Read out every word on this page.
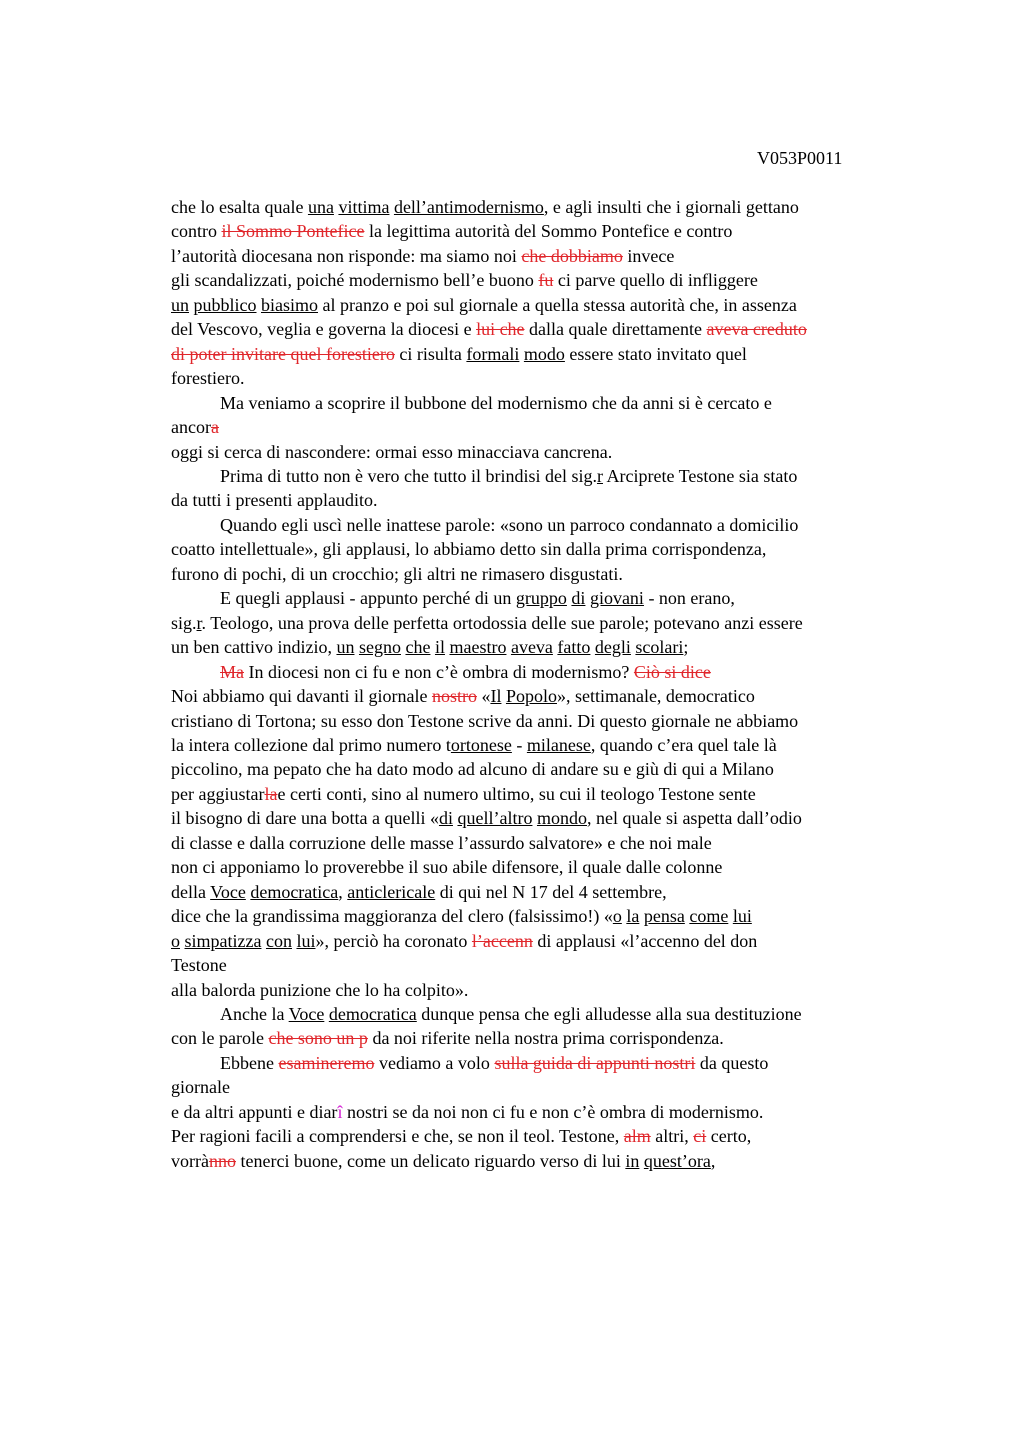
V053P0011
che lo esalta quale una vittima dell’antimodernismo, e agli insulti che i giornali gettano
contro il Sommo Pontefice la legittima autorità del Sommo Pontefice e contro
l’autorità diocesana non risponde: ma siamo noi che dobbiamo invece
gli scandalizzati, poiché modernismo bell’e buono fu ci parve quello di infliggere
un pubblico biasimo al pranzo e poi sul giornale a quella stessa autorità che, in assenza
del Vescovo, veglia e governa la diocesi e lui che dalla quale direttamente aveva creduto
di poter invitare quel forestiero ci risulta formali modo essere stato invitato quel
forestiero.
Ma veniamo a scoprire il bubbone del modernismo che da anni si è cercato e
ancora
oggi si cerca di nascondere: ormai esso minacciava cancrena.
Prima di tutto non è vero che tutto il brindisi del sig.r Arciprete Testone sia stato
da tutti i presenti applaudito.
Quando egli uscì nelle inattese parole: «sono un parroco condannato a domicilio
coatto intellettuale», gli applausi, lo abbiamo detto sin dalla prima corrispondenza,
furono di pochi, di un crocchio; gli altri ne rimasero disgustati.
E quegli applausi - appunto perché di un gruppo di giovani - non erano,
sig.r. Teologo, una prova delle perfetta ortodossia delle sue parole; potevano anzi essere
un ben cattivo indizio, un segno che il maestro aveva fatto degli scolari;
Ma In diocesi non ci fu e non c’è ombra di modernismo? Ciò si dice
Noi abbiamo qui davanti il giornale nostro «Il Popolo», settimanale, democratico
cristiano di Tortona; su esso don Testone scrive da anni. Di questo giornale ne abbiamo
la intera collezione dal primo numero tortonese - milanese, quando c’era quel tale là
piccolino, ma pepato che ha dato modo ad alcuno di andare su e giù di qui a Milano
per aggiustarlae certi conti, sino al numero ultimo, su cui il teologo Testone sente
il bisogno di dare una botta a quelli «di quell’altro mondo, nel quale si aspetta dall’odio
di classe e dalla corruzione delle masse l’assurdo salvatore» e che noi male
non ci apponiamo lo proverebbe il suo abile difensore, il quale dalle colonne
della Voce democratica, anticlericale di qui nel N 17 del 4 settembre,
dice che la grandissima maggioranza del clero (falsissimo!) «o la pensa come lui
o simpatizza con lui», perciò ha coronato l’accenn di applausi «l’accenno del don
Testone
alla balorda punizione che lo ha colpito».
Anche la Voce democratica dunque pensa che egli alludesse alla sua destituzione
con le parole che sono un p da noi riferite nella nostra prima corrispondenza.
Ebbene esamineremo vediamo a volo sulla guida di appunti nostri da questo
giornale
e da altri appunti e diarî nostri se da noi non ci fu e non c’è ombra di modernismo.
Per ragioni facili a comprendersi e che, se non il teol. Testone, alm altri, ci certo,
vorrànno tenerci buone, come un delicato riguardo verso di lui in quest’ora,
